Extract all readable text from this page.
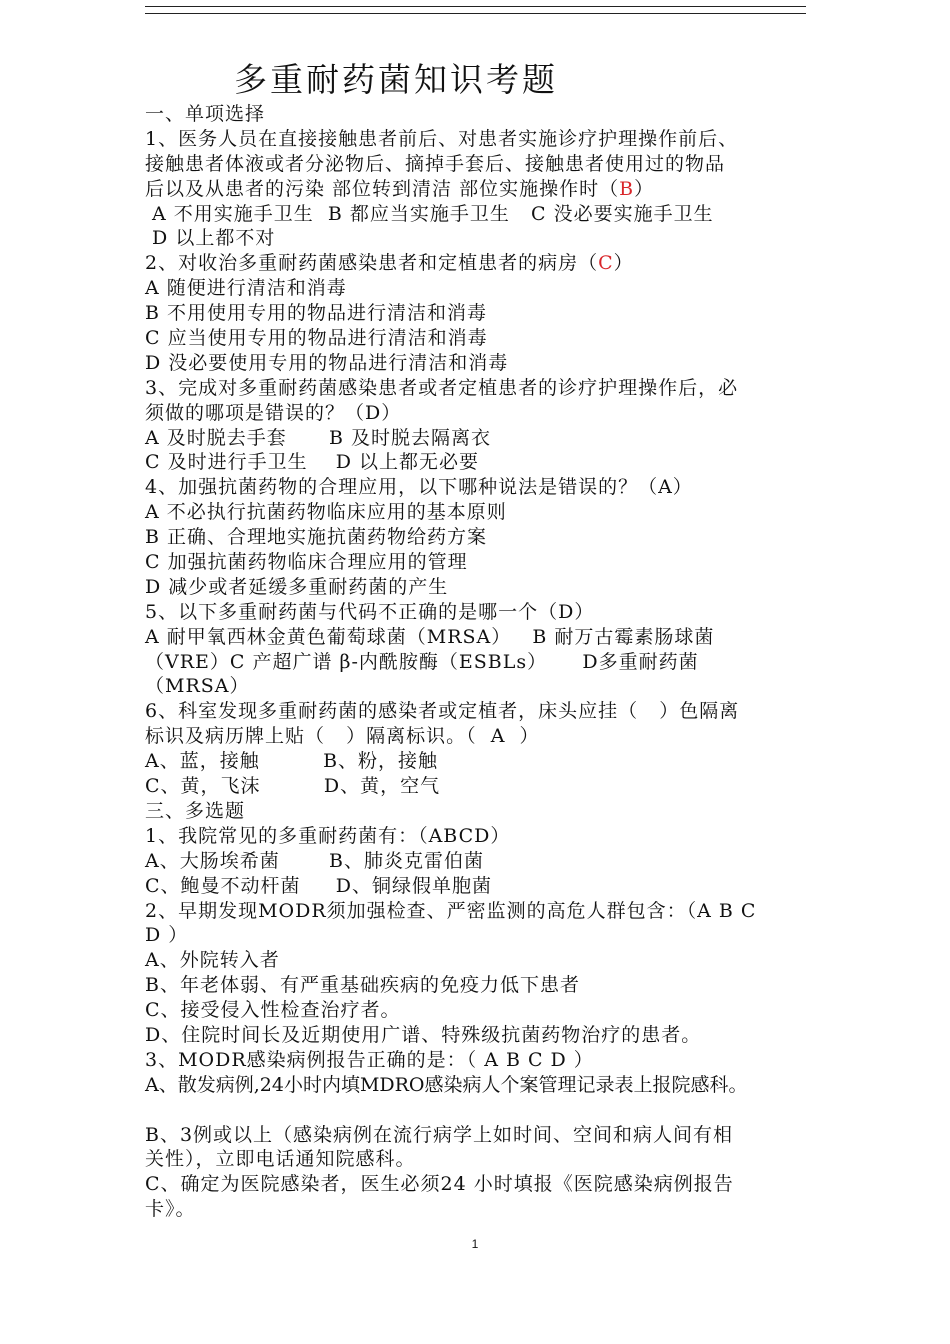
多重耐药菌知识考题
一、单项选择
1、医务人员在直接接触患者前后、对患者实施诊疗护理操作前后、
接触患者体液或者分泌物后、摘掉手套后、接触患者使用过的物品
后以及从患者的污染 部位转到清洁 部位实施操作时（B）
A 不用实施手卫生  B 都应当实施手卫生   C 没必要实施手卫生
D 以上都不对
2、对收治多重耐药菌感染患者和定植患者的病房（C）
A 随便进行清洁和消毒
B 不用使用专用的物品进行清洁和消毒
C 应当使用专用的物品进行清洁和消毒
D 没必要使用专用的物品进行清洁和消毒
3、完成对多重耐药菌感染患者或者定植患者的诊疗护理操作后，必
须做的哪项是错误的？（D）
A 及时脱去手套      B 及时脱去隔离衣
C 及时进行手卫生    D 以上都无必要
4、加强抗菌药物的合理应用，以下哪种说法是错误的？（A）
A 不必执行抗菌药物临床应用的基本原则
B 正确、合理地实施抗菌药物给药方案
C 加强抗菌药物临床合理应用的管理
D 减少或者延缓多重耐药菌的产生
5、以下多重耐药菌与代码不正确的是哪一个（D）
A 耐甲氧西林金黄色葡萄球菌（MRSA）   B 耐万古霉素肠球菌
（VRE）C 产超广谱 β-内酰胺酶（ESBLs）     D多重耐药菌
（MRSA）
6、科室发现多重耐药菌的感染者或定植者，床头应挂（   ）色隔离
标识及病历牌上贴（   ）隔离标识。（  A  ）
A、蓝，接触         B、粉，接触
C、黄，飞沫         D、黄，空气
三、多选题
1、我院常见的多重耐药菌有：（ABCD）
A、大肠埃希菌       B、肺炎克雷伯菌
C、鲍曼不动杆菌     D、铜绿假单胞菌
2、早期发现MODR须加强检查、严密监测的高危人群包含：（A B C
D ）
A、外院转入者
B、年老体弱、有严重基础疾病的免疫力低下患者
C、接受侵入性检查治疗者。
D、住院时间长及近期使用广谱、特殊级抗菌药物治疗的患者。
3、MODR感染病例报告正确的是：（ A B C D ）
A、散发病例,24小时内填MDRO感染病人个案管理记录表上报院感科。
B、3例或以上（感染病例在流行病学上如时间、空间和病人间有相
关性），立即电话通知院感科。
C、确定为医院感染者，医生必须24 小时填报《医院感染病例报告
卡》。
1
